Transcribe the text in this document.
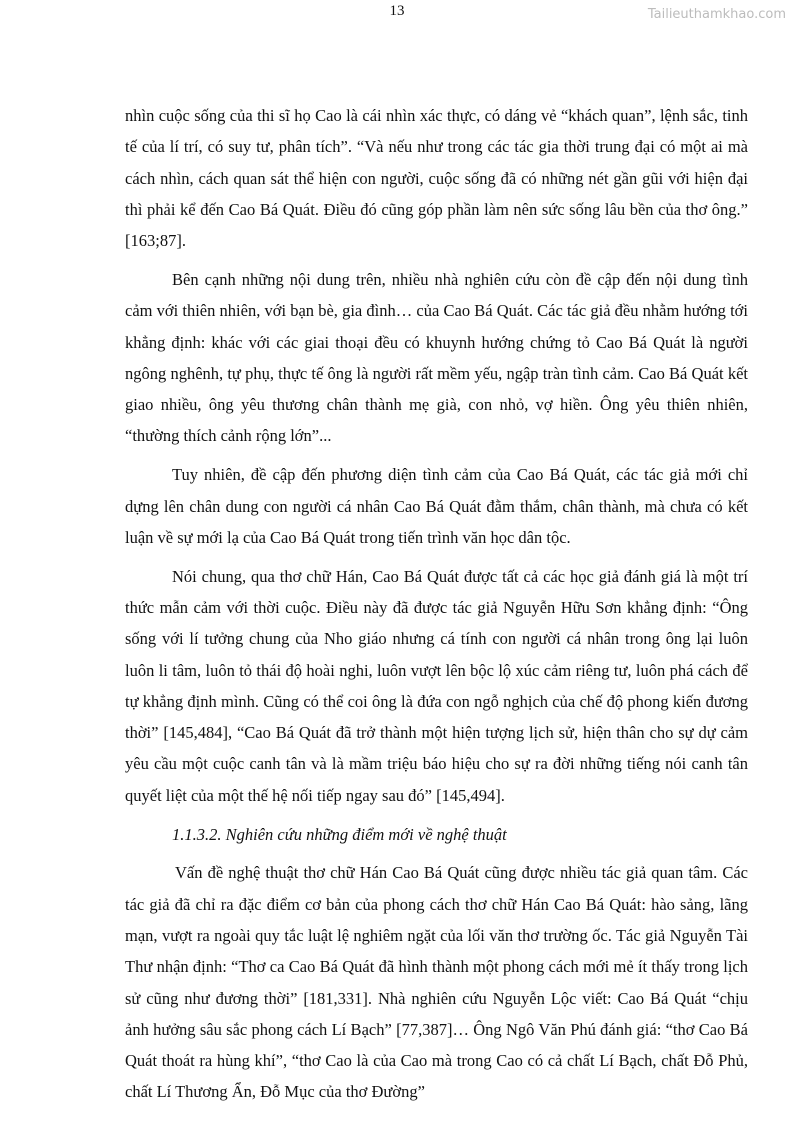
13	Tailieuthamkhao.com

nhìn cuộc sống của thi sĩ họ Cao là cái nhìn xác thực, có dáng vẻ “khách quan”, lệnh sắc, tinh tế của lí trí, có suy tư, phân tích”. “Và nếu như trong các tác gia thời trung đại có một ai mà cách nhìn, cách quan sát thể hiện con người, cuộc sống đã có những nét gần gũi với hiện đại thì phải kể đến Cao Bá Quát. Điều đó cũng góp phần làm nên sức sống lâu bền của thơ ông.” [163;87].

Bên cạnh những nội dung trên, nhiều nhà nghiên cứu còn đề cập đến nội dung tình cảm với thiên nhiên, với bạn bè, gia đình… của Cao Bá Quát. Các tác giả đều nhằm hướng tới khẳng định: khác với các giai thoại đều có khuynh hướng chứng tỏ Cao Bá Quát là người ngông nghênh, tự phụ, thực tế ông là người rất mềm yếu, ngập tràn tình cảm. Cao Bá Quát kết giao nhiều, ông yêu thương chân thành mẹ già, con nhỏ, vợ hiền. Ông yêu thiên nhiên, “thường thích cảnh rộng lớn”...

Tuy nhiên, đề cập đến phương diện tình cảm của Cao Bá Quát, các tác giả mới chỉ dựng lên chân dung con người cá nhân Cao Bá Quát đằm thắm, chân thành, mà chưa có kết luận về sự mới lạ của Cao Bá Quát trong tiến trình văn học dân tộc.

Nói chung, qua thơ chữ Hán, Cao Bá Quát được tất cả các học giả đánh giá là một trí thức mẫn cảm với thời cuộc. Điều này đã được tác giả Nguyễn Hữu Sơn khẳng định: “Ông sống với lí tưởng chung của Nho giáo nhưng cá tính con người cá nhân trong ông lại luôn luôn li tâm, luôn tỏ thái độ hoài nghi, luôn vượt lên bộc lộ xúc cảm riêng tư, luôn phá cách để tự khẳng định mình. Cũng có thể coi ông là đứa con ngỗ nghịch của chế độ phong kiến đương thời” [145,484], “Cao Bá Quát đã trở thành một hiện tượng lịch sử, hiện thân cho sự dự cảm yêu cầu một cuộc canh tân và là mầm triệu báo hiệu cho sự ra đời những tiếng nói canh tân quyết liệt của một thế hệ nối tiếp ngay sau đó” [145,494].

1.1.3.2. Nghiên cứu những điểm mới về nghệ thuật

Vấn đề nghệ thuật thơ chữ Hán Cao Bá Quát cũng được nhiều tác giả quan tâm. Các tác giả đã chỉ ra đặc điểm cơ bản của phong cách thơ chữ Hán Cao Bá Quát: hào sảng, lãng mạn, vượt ra ngoài quy tắc luật lệ nghiêm ngặt của lối văn thơ trường ốc. Tác giả Nguyễn Tài Thư nhận định: “Thơ ca Cao Bá Quát đã hình thành một phong cách mới mẻ ít thấy trong lịch sử cũng như đương thời” [181,331]. Nhà nghiên cứu Nguyễn Lộc viết: Cao Bá Quát “chịu ảnh hưởng sâu sắc phong cách Lí Bạch” [77,387]… Ông Ngô Văn Phú đánh giá: “thơ Cao Bá Quát thoát ra hùng khí”, “thơ Cao là của Cao mà trong Cao có cả chất Lí Bạch, chất Đỗ Phủ, chất Lí Thương Ẩn, Đỗ Mục của thơ Đường”
